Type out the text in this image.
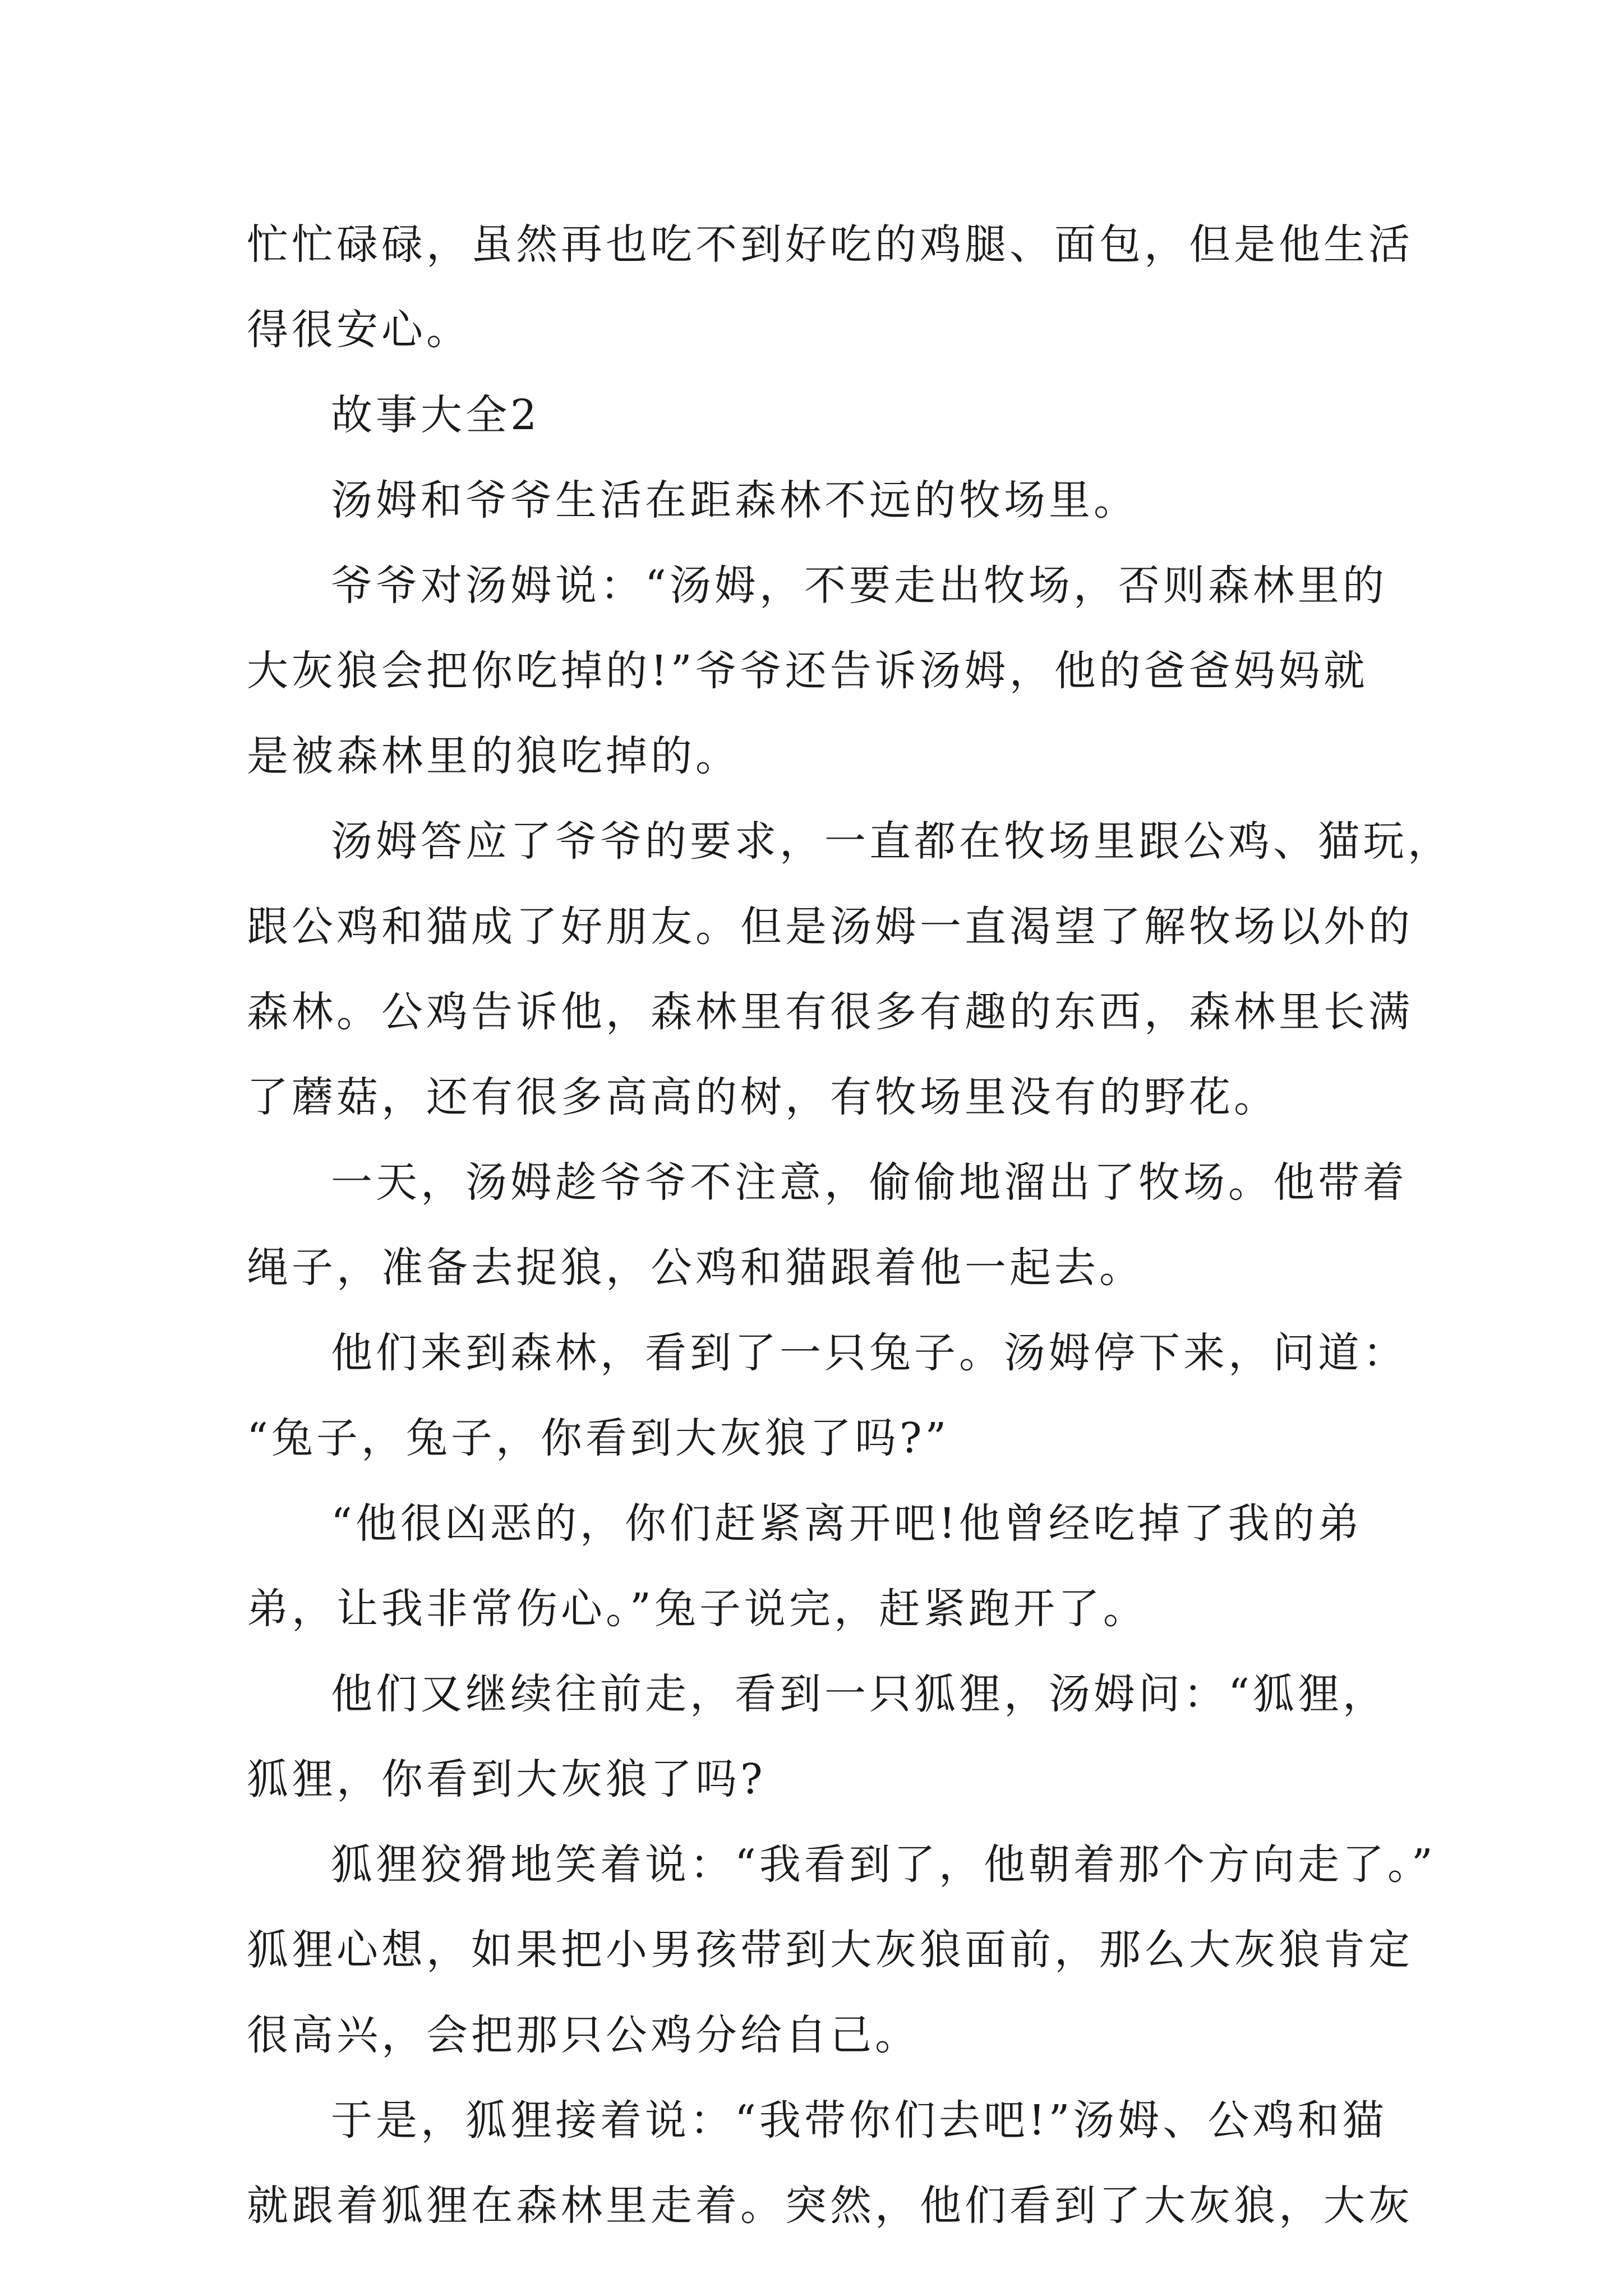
忙忙碌碌，虽然再也吃不到好吃的鸡腿、面包，但是他生活
得很安心。
故事大全2
汤姆和爷爷生活在距森林不远的牧场里。
爷爷对汤姆说：“汤姆，不要走出牧场，否则森林里的
大灰狼会把你吃掉的!”爷爷还告诉汤姆，他的爸爸妈妈就
是被森林里的狼吃掉的。
汤姆答应了爷爷的要求，一直都在牧场里跟公鸡、猫玩，
跟公鸡和猫成了好朋友。但是汤姆一直渴望了解牧场以外的
森林。公鸡告诉他，森林里有很多有趣的东西，森林里长满
了蘑菇，还有很多高高的树，有牧场里没有的野花。
一天，汤姆趁爷爷不注意，偷偷地溜出了牧场。他带着
绳子，准备去捉狼，公鸡和猫跟着他一起去。
他们来到森林，看到了一只兔子。汤姆停下来，问道：
“兔子，兔子，你看到大灰狼了吗?”
“他很凶恶的，你们赶紧离开吧!他曾经吃掉了我的弟
弟，让我非常伤心。”兔子说完，赶紧跑开了。
他们又继续往前走，看到一只狐狸，汤姆问：“狐狸，
狐狸，你看到大灰狼了吗?
狐狸狡猾地笑着说：“我看到了，他朝着那个方向走了。”
狐狸心想，如果把小男孩带到大灰狼面前，那么大灰狼肯定
很高兴，会把那只公鸡分给自己。
于是，狐狸接着说：“我带你们去吧!”汤姆、公鸡和猫
就跟着狐狸在森林里走着。突然，他们看到了大灰狼，大灰
